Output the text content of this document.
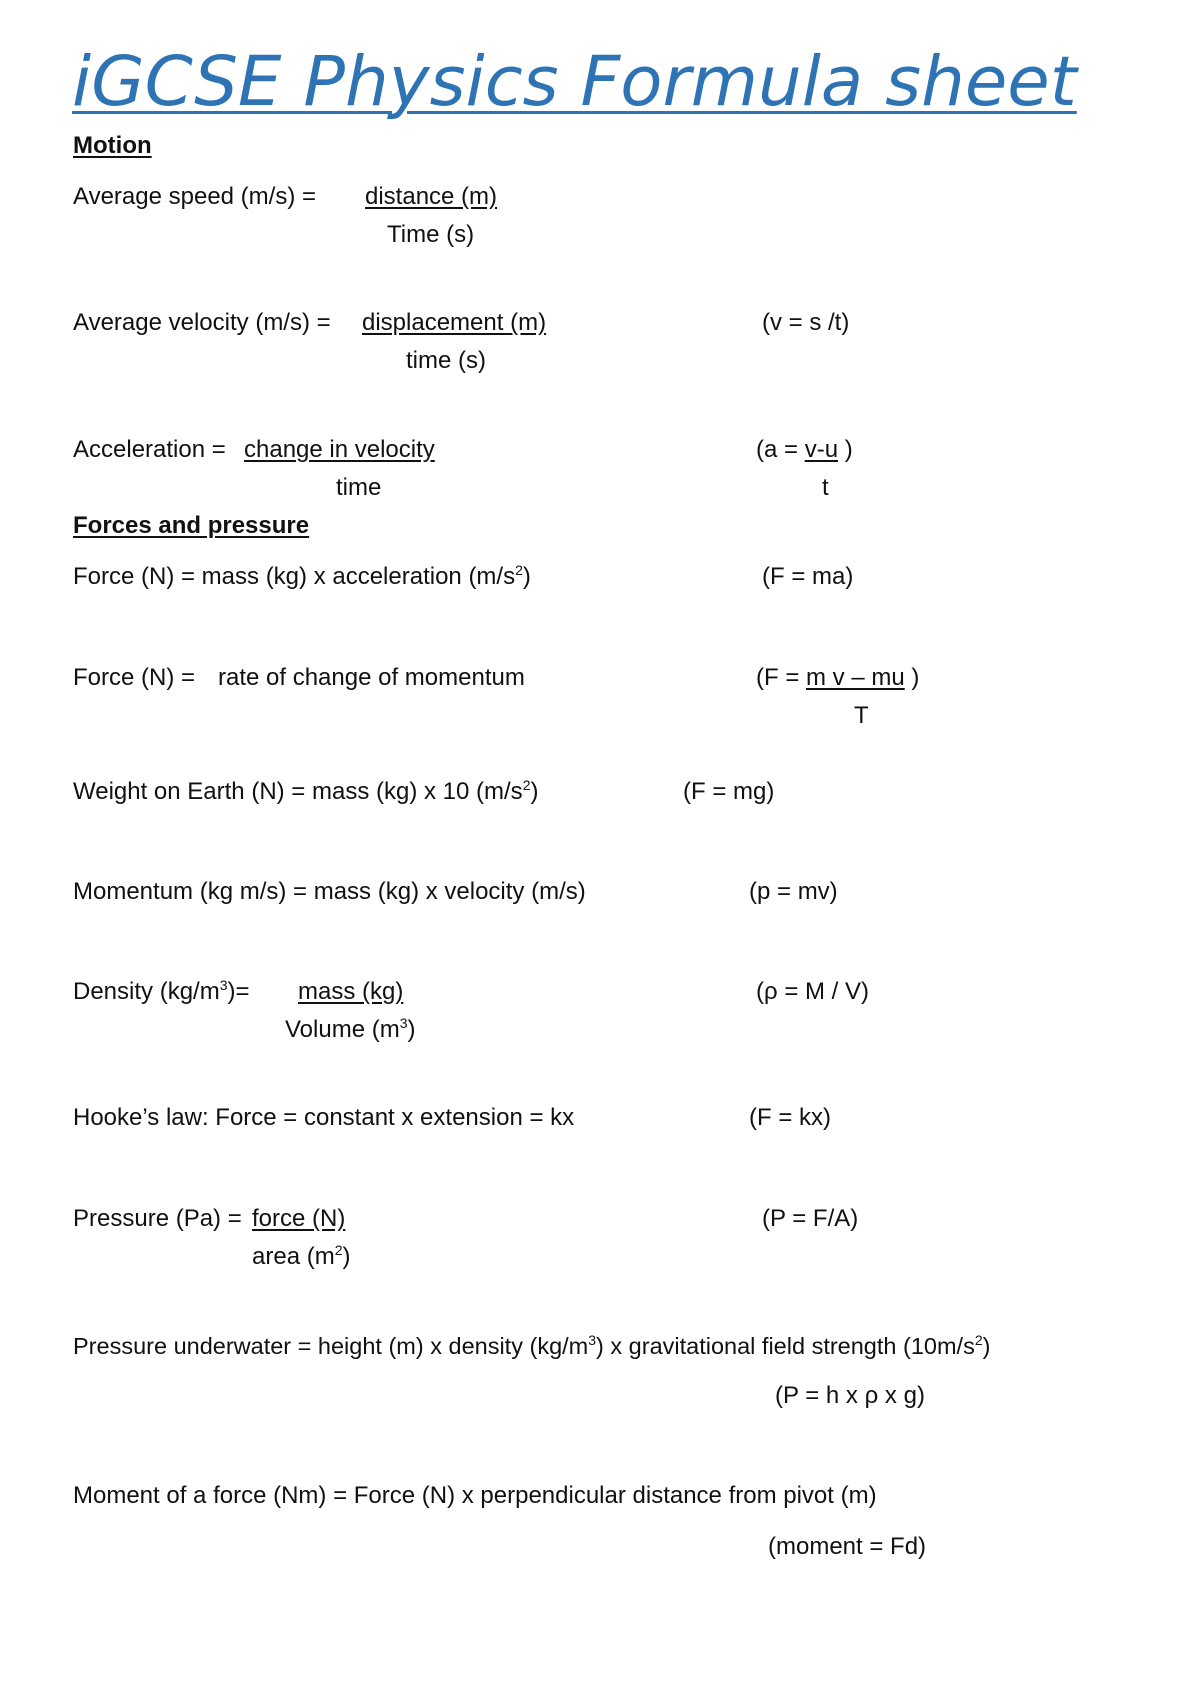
iGCSE Physics Formula sheet
Motion
Average speed (m/s) = distance (m)
Time (s)
Average velocity (m/s) = displacement (m)
time (s)
(v = s /t)
Acceleration = change in velocity
time
(a = v-u )
t
Forces and pressure
Force (N) = mass (kg) x acceleration $(m/s^2)$	(F = ma)
Force (N) = rate of change of momentum	(F = m v – mu )
T
Weight on Earth (N) = mass (kg) x 10 $(m/s^2)$	(F = mg)
Momentum (kg m/s) = mass (kg) x velocity (m/s)	(p = mv)
Density $(kg/m^3)=$ mass (kg)
Volume $(m^3)$
(ρ = M / V)
Hooke’s law: Force = constant x extension = kx	(F = kx)
Pressure (Pa) = force (N)
area $(m^2)$
(P = F/A)
Pressure underwater = height (m) x density $(kg/m^3)$ x gravitational field strength $(10m/s^2)$
(P = h x ρ x g)
Moment of a force (Nm) = Force (N) x perpendicular distance from pivot (m)
(moment = Fd)
